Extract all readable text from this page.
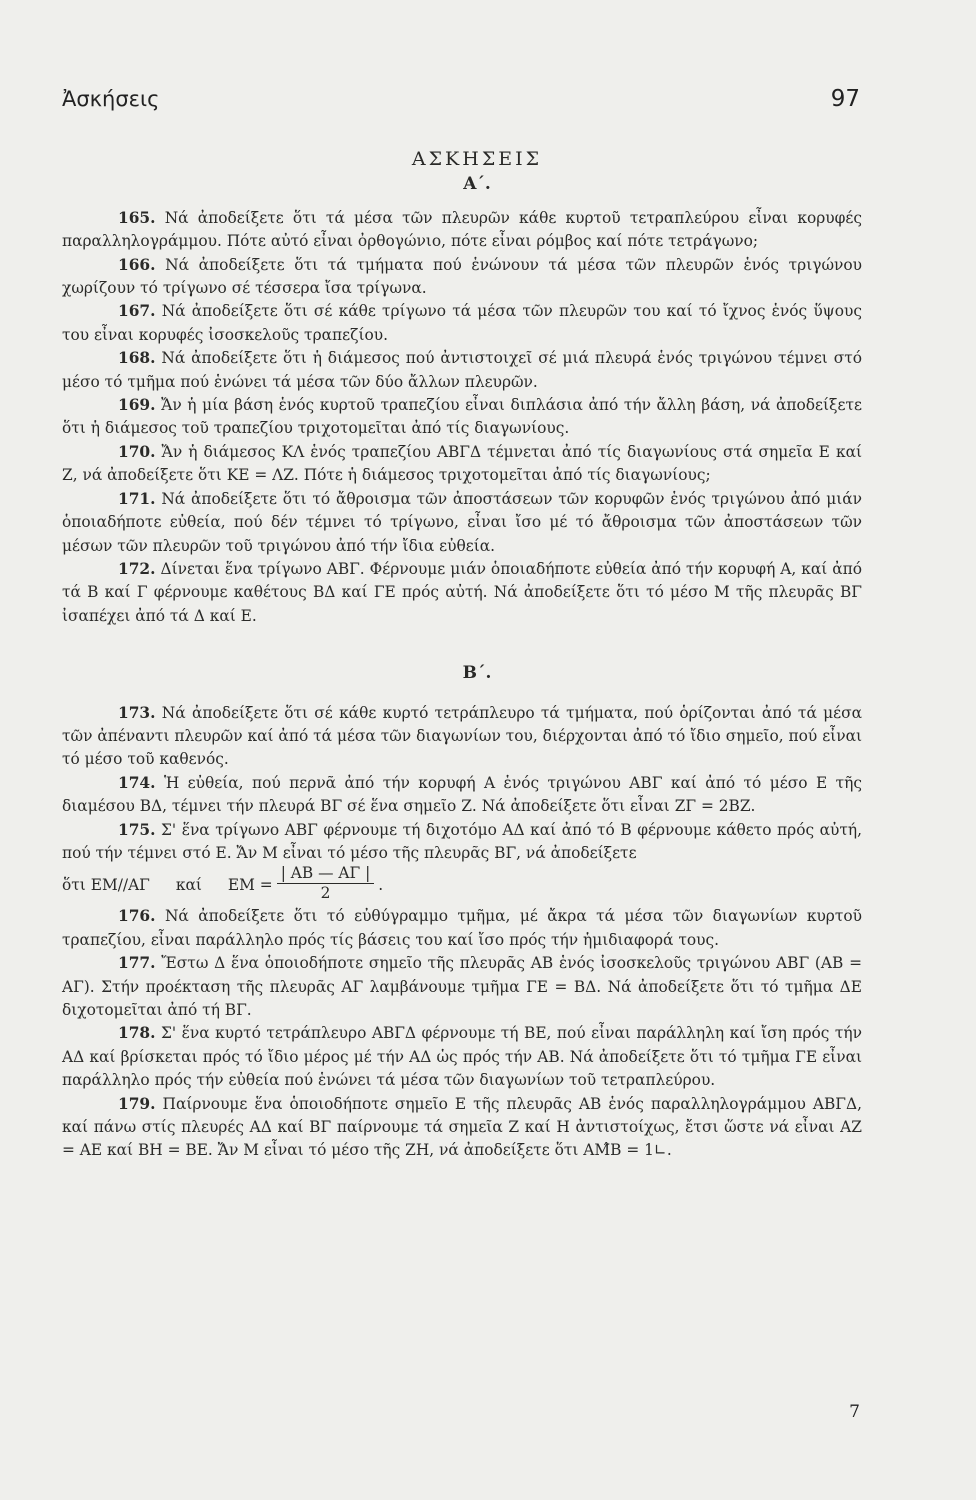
Ἀσκήσεις	97
ΑΣΚΗΣΕΙΣ
Α΄.

165. Νά ἀποδείξετε ὅτι τά μέσα τῶν πλευρῶν κάθε κυρτοῦ τετραπλεύρου εἶναι κορυφές παραλληλογράμμου. Πότε αὐτό εἶναι ὀρθογώνιο, πότε εἶναι ρόμβος καί πότε τετράγωνο;

166. Νά ἀποδείξετε ὅτι τά τμήματα πού ἑνώνουν τά μέσα τῶν πλευρῶν ἑνός τριγώνου χωρίζουν τό τρίγωνο σέ τέσσερα ἴσα τρίγωνα.

167. Νά ἀποδείξετε ὅτι σέ κάθε τρίγωνο τά μέσα τῶν πλευρῶν του καί τό ἴχνος ἑνός ὕψους του εἶναι κορυφές ἰσοσκελοῦς τραπεζίου.

168. Νά ἀποδείξετε ὅτι ἡ διάμεσος πού ἀντιστοιχεῖ σέ μιά πλευρά ἑνός τριγώνου τέμνει στό μέσο τό τμῆμα πού ἑνώνει τά μέσα τῶν δύο ἄλλων πλευρῶν.

169. Ἄν ἡ μία βάση ἑνός κυρτοῦ τραπεζίου εἶναι διπλάσια ἀπό τήν ἄλλη βάση, νά ἀποδείξετε ὅτι ἡ διάμεσος τοῦ τραπεζίου τριχοτομεῖται ἀπό τίς διαγωνίους.

170. Ἄν ἡ διάμεσος ΚΛ ἑνός τραπεζίου ΑΒΓΔ τέμνεται ἀπό τίς διαγωνίους στά σημεῖα Ε καί Ζ, νά ἀποδείξετε ὅτι ΚΕ = ΛΖ. Πότε ἡ διάμεσος τριχοτομεῖται ἀπό τίς διαγωνίους;

171. Νά ἀποδείξετε ὅτι τό ἄθροισμα τῶν ἀποστάσεων τῶν κορυφῶν ἑνός τριγώνου ἀπό μιάν ὁποιαδήποτε εὐθεία, πού δέν τέμνει τό τρίγωνο, εἶναι ἴσο μέ τό ἄθροισμα τῶν ἀποστάσεων τῶν μέσων τῶν πλευρῶν τοῦ τριγώνου ἀπό τήν ἴδια εὐθεία.

172. Δίνεται ἕνα τρίγωνο ΑΒΓ. Φέρνουμε μιάν ὁποιαδήποτε εὐθεία ἀπό τήν κορυφή Α, καί ἀπό τά Β καί Γ φέρνουμε καθέτους ΒΔ καί ΓΕ πρός αὐτή. Νά ἀποδείξετε ὅτι τό μέσο Μ τῆς πλευρᾶς ΒΓ ἰσαπέχει ἀπό τά Δ καί Ε.

Β΄.

173. Νά ἀποδείξετε ὅτι σέ κάθε κυρτό τετράπλευρο τά τμήματα, πού ὁρίζονται ἀπό τά μέσα τῶν ἀπέναντι πλευρῶν καί ἀπό τά μέσα τῶν διαγωνίων του, διέρχονται ἀπό τό ἴδιο σημεῖο, πού εἶναι τό μέσο τοῦ καθενός.

174. Ἡ εὐθεία, πού περνᾶ ἀπό τήν κορυφή Α ἑνός τριγώνου ΑΒΓ καί ἀπό τό μέσο Ε τῆς διαμέσου ΒΔ, τέμνει τήν πλευρά ΒΓ σέ ἕνα σημεῖο Ζ. Νά ἀποδείξετε ὅτι εἶναι ΖΓ = 2ΒΖ.

175. Σ' ἕνα τρίγωνο ΑΒΓ φέρνουμε τή διχοτόμο ΑΔ καί ἀπό τό Β φέρνουμε κάθετο πρός αὐτή, πού τήν τέμνει στό Ε. Ἄν Μ εἶναι τό μέσο τῆς πλευρᾶς ΒΓ, νά ἀποδείξετε

ὅτι ΕΜ//ΑΓ καί $EM = \frac{| AB — A\Gamma |}{2}$ .

176. Νά ἀποδείξετε ὅτι τό εὐθύγραμμο τμῆμα, μέ ἄκρα τά μέσα τῶν διαγωνίων κυρτοῦ τραπεζίου, εἶναι παράλληλο πρός τίς βάσεις του καί ἴσο πρός τήν ἡμιδιαφορά τους.

177. Ἔστω Δ ἕνα ὁποιοδήποτε σημεῖο τῆς πλευρᾶς ΑΒ ἑνός ἰσοσκελοῦς τριγώνου ΑΒΓ (ΑΒ = ΑΓ). Στήν προέκταση τῆς πλευρᾶς ΑΓ λαμβάνουμε τμῆμα ΓΕ = ΒΔ. Νά ἀποδείξετε ὅτι τό τμῆμα ΔΕ διχοτομεῖται ἀπό τή ΒΓ.

178. Σ' ἕνα κυρτό τετράπλευρο ΑΒΓΔ φέρνουμε τή ΒΕ, πού εἶναι παράλληλη καί ἴση πρός τήν ΑΔ καί βρίσκεται πρός τό ἴδιο μέρος μέ τήν ΑΔ ὡς πρός τήν ΑΒ. Νά ἀποδείξετε ὅτι τό τμῆμα ΓΕ εἶναι παράλληλο πρός τήν εὐθεία πού ἑνώνει τά μέσα τῶν διαγωνίων τοῦ τετραπλεύρου.

179. Παίρνουμε ἕνα ὁποιοδήποτε σημεῖο Ε τῆς πλευρᾶς ΑΒ ἑνός παραλληλογράμμου ΑΒΓΔ, καί πάνω στίς πλευρές ΑΔ καί ΒΓ παίρνουμε τά σημεῖα Ζ καί Η ἀντιστοίχως, ἔτσι ὥστε νά εἶναι ΑΖ = ΑΕ καί ΒΗ = ΒΕ. Ἄν Μ εἶναι τό μέσο τῆς ΖΗ, νά ἀποδείξετε ὅτι ΑΜ̂Β = 1∟.

7
